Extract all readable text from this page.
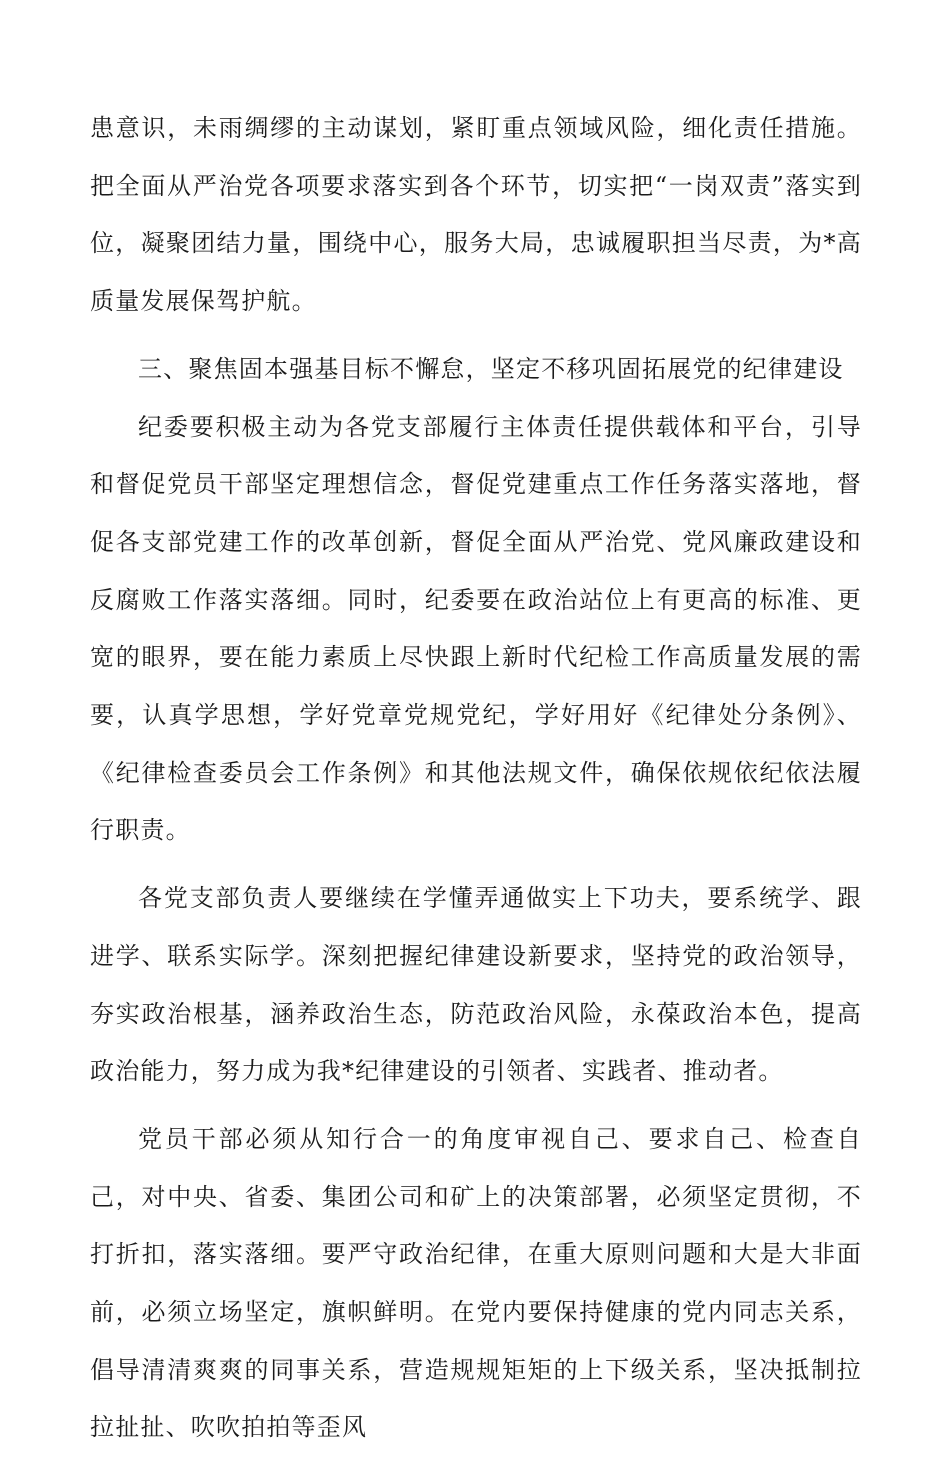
患意识，未雨绸缪的主动谋划，紧盯重点领域风险，细化责任措施。把全面从严治党各项要求落实到各个环节，切实把“一岗双责”落实到位，凝聚团结力量，围绕中心，服务大局，忠诚履职担当尽责，为*高质量发展保驾护航。

三、聚焦固本强基目标不懈怠，坚定不移巩固拓展党的纪律建设

纪委要积极主动为各党支部履行主体责任提供载体和平台，引导和督促党员干部坚定理想信念，督促党建重点工作任务落实落地，督促各支部党建工作的改革创新，督促全面从严治党、党风廉政建设和反腐败工作落实落细。同时，纪委要在政治站位上有更高的标准、更宽的眼界，要在能力素质上尽快跟上新时代纪检工作高质量发展的需要，认真学思想，学好党章党规党纪，学好用好《纪律处分条例》、《纪律检查委员会工作条例》和其他法规文件，确保依规依纪依法履行职责。

各党支部负责人要继续在学懂弄通做实上下功夫，要系统学、跟进学、联系实际学。深刻把握纪律建设新要求，坚持党的政治领导，夯实政治根基，涵养政治生态，防范政治风险，永葆政治本色，提高政治能力，努力成为我*纪律建设的引领者、实践者、推动者。

党员干部必须从知行合一的角度审视自己、要求自己、检查自己，对中央、省委、集团公司和矿上的决策部署，必须坚定贯彻，不打折扣，落实落细。要严守政治纪律，在重大原则问题和大是大非面前，必须立场坚定，旗帜鲜明。在党内要保持健康的党内同志关系，倡导清清爽爽的同事关系，营造规规矩矩的上下级关系，坚决抵制拉拉扯扯、吹吹拍拍等歪风
